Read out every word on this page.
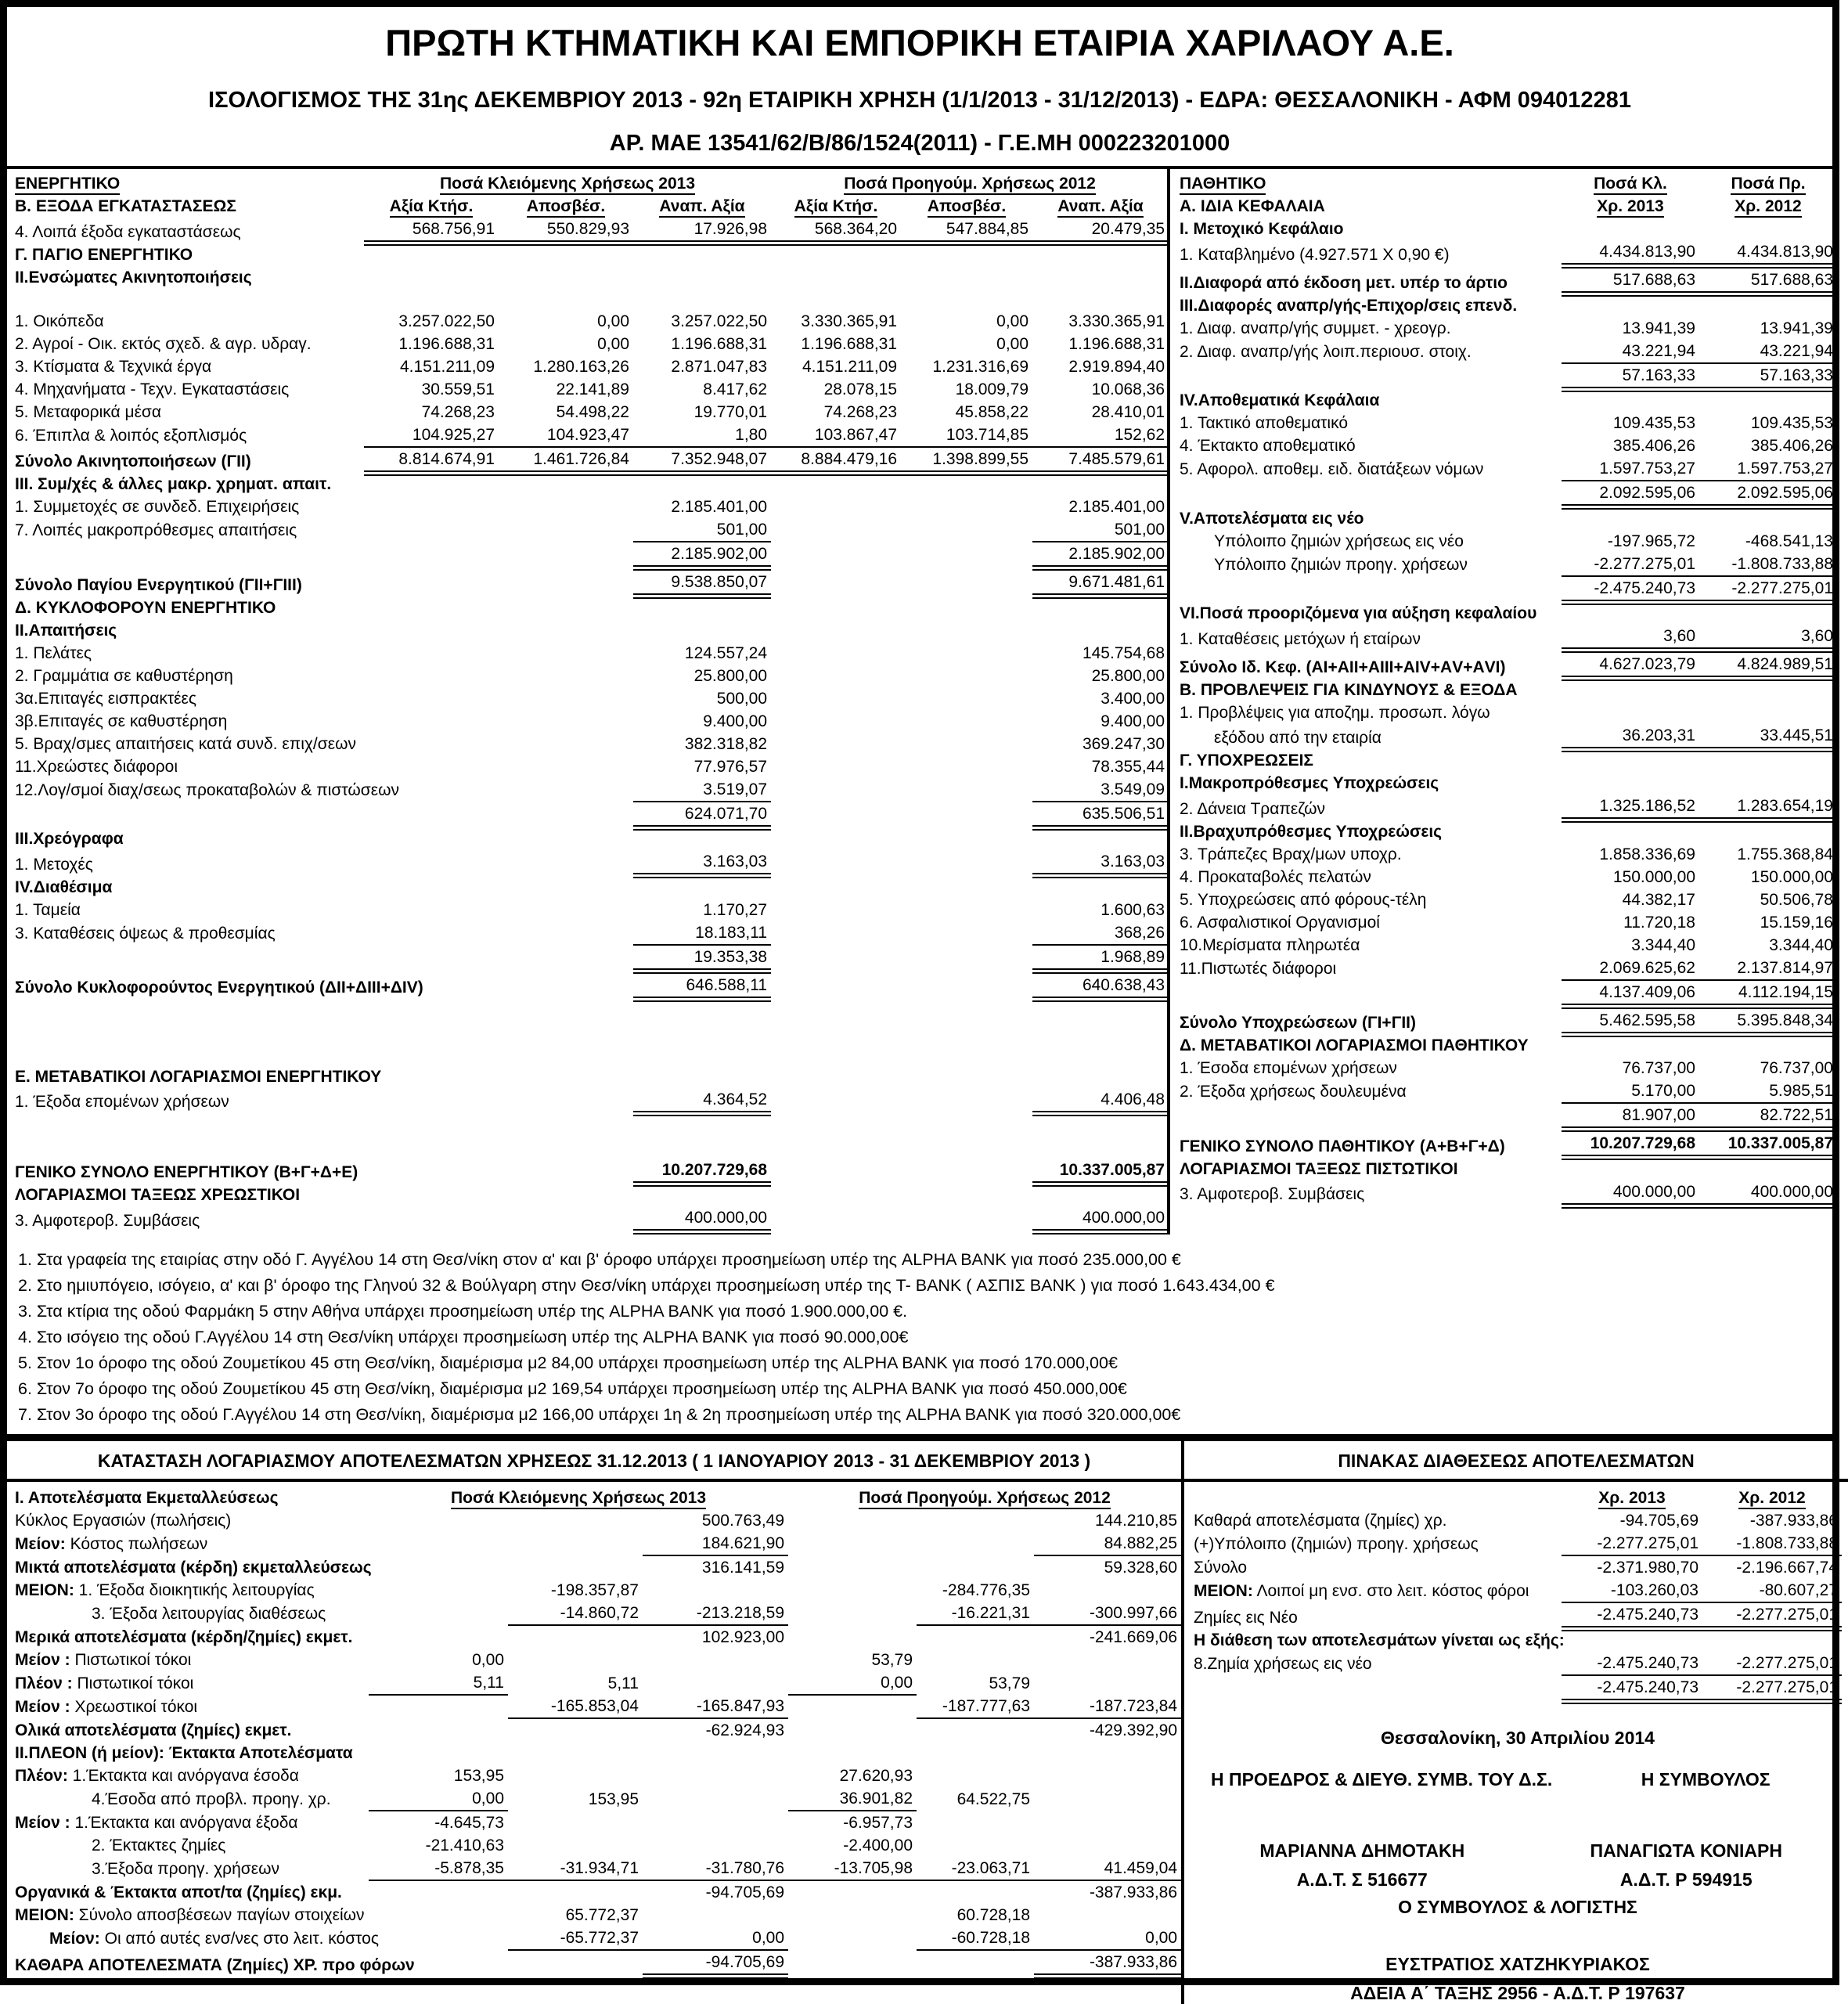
ΠΡΩΤΗ ΚΤΗΜΑΤΙΚΗ ΚΑΙ ΕΜΠΟΡΙΚΗ ΕΤΑΙΡΙΑ ΧΑΡΙΛΑΟΥ Α.Ε.
ΙΣΟΛΟΓΙΣΜΟΣ ΤΗΣ 31ης ΔΕΚΕΜΒΡΙΟΥ 2013 - 92η ΕΤΑΙΡΙΚΗ ΧΡΗΣΗ (1/1/2013 - 31/12/2013) - ΕΔΡΑ: ΘΕΣΣΑΛΟΝΙΚΗ - ΑΦΜ 094012281
ΑΡ. ΜΑΕ 13541/62/Β/86/1524(2011) - Γ.Ε.ΜΗ 000223201000
ΕΝΕΡΓΗΤΙΚΟ	Ποσά Κλειόμενης Χρήσεως 2013			Ποσά Προηγούμ. Χρήσεως 2012		
Β. ΕΞΟΔΑ ΕΓΚΑΤΑΣΤΑΣΕΩΣ	Αξία Κτήσ.	Αποσβέσ.	Αναπ. Αξία	Αξία Κτήσ.	Αποσβέσ.	Αναπ. Αξία
4. Λοιπά έξοδα εγκαταστάσεως	568.756,91	550.829,93	17.926,98	568.364,20	547.884,85	20.479,35
Γ. ΠΑΓΙΟ ΕΝΕΡΓΗΤΙΚΟ						
ΙΙ.Ενσώματες Ακινητοποιήσεις						

1. Οικόπεδα	3.257.022,50	0,00	3.257.022,50	3.330.365,91	0,00	3.330.365,91
2. Αγροί - Οικ. εκτός σχεδ. & αγρ. υδραγ.	1.196.688,31	0,00	1.196.688,31	1.196.688,31	0,00	1.196.688,31
3. Κτίσματα & Τεχνικά έργα	4.151.211,09	1.280.163,26	2.871.047,83	4.151.211,09	1.231.316,69	2.919.894,40
4. Μηχανήματα - Τεχν. Εγκαταστάσεις	30.559,51	22.141,89	8.417,62	28.078,15	18.009,79	10.068,36
5. Μεταφορικά μέσα	74.268,23	54.498,22	19.770,01	74.268,23	45.858,22	28.410,01
6. Έπιπλα & λοιπός εξοπλισμός	104.925,27	104.923,47	1,80	103.867,47	103.714,85	152,62
Σύνολο Ακινητοποιήσεων (ΓΙΙ)	8.814.674,91	1.461.726,84	7.352.948,07	8.884.479,16	1.398.899,55	7.485.579,61
ΙΙΙ. Συμ/χές & άλλες μακρ. χρηματ. απαιτ.						
1. Συμμετοχές σε συνδεδ. Επιχειρήσεις			2.185.401,00			2.185.401,00
7. Λοιπές μακροπρόθεσμες απαιτήσεις			501,00			501,00
			2.185.902,00			2.185.902,00
Σύνολο Παγίου Ενεργητικού (ΓΙΙ+ΓΙΙΙ)			9.538.850,07			9.671.481,61
Δ. ΚΥΚΛΟΦΟΡΟΥΝ ΕΝΕΡΓΗΤΙΚΟ						
ΙΙ.Απαιτήσεις						
1. Πελάτες			124.557,24			145.754,68
2. Γραμμάτια σε καθυστέρηση			25.800,00			25.800,00
3α.Επιταγές εισπρακτέες			500,00			3.400,00
3β.Επιταγές σε καθυστέρηση			9.400,00			9.400,00
5. Βραχ/σμες απαιτήσεις κατά συνδ. επιχ/σεων			382.318,82			369.247,30
11.Χρεώστες διάφοροι			77.976,57			78.355,44
12.Λογ/σμοί διαχ/σεως προκαταβολών & πιστώσεων			3.519,07			3.549,09
			624.071,70			635.506,51
ΙΙΙ.Χρεόγραφα						
1. Μετοχές			3.163,03			3.163,03
ΙV.Διαθέσιμα						
1. Ταμεία			1.170,27			1.600,63
3. Καταθέσεις όψεως & προθεσμίας			18.183,11			368,26
			19.353,38			1.968,89
Σύνολο Κυκλοφορούντος Ενεργητικού (ΔΙΙ+ΔΙΙΙ+ΔΙV)			646.588,11			640.638,43

Ε. ΜΕΤΑΒΑΤΙΚΟΙ ΛΟΓΑΡΙΑΣΜΟΙ ΕΝΕΡΓΗΤΙΚΟΥ						
1. Έξοδα επομένων χρήσεων			4.364,52			4.406,48

ΓΕΝΙΚΟ ΣΥΝΟΛΟ ΕΝΕΡΓΗΤΙΚΟΥ (Β+Γ+Δ+Ε)			10.207.729,68			10.337.005,87
ΛΟΓΑΡΙΑΣΜΟΙ ΤΑΞΕΩΣ ΧΡΕΩΣΤΙΚΟΙ						
3. Αμφοτεροβ. Συμβάσεις			400.000,00			400.000,00
ΠΑΘΗΤΙΚΟ	Ποσά Κλ.	Ποσά Πρ.
Α. ΙΔΙΑ ΚΕΦΑΛΑΙΑ	Χρ. 2013	Χρ. 2012
Ι. Μετοχικό Κεφάλαιο		
1. Καταβλημένο (4.927.571 Χ 0,90 €)	4.434.813,90	4.434.813,90
ΙΙ.Διαφορά από έκδοση μετ. υπέρ το άρτιο	517.688,63	517.688,63
ΙΙΙ.Διαφορές αναπρ/γής-Επιχορ/σεις επενδ.		
1. Διαφ. αναπρ/γής συμμετ. - χρεογρ.	13.941,39	13.941,39
2. Διαφ. αναπρ/γής λοιπ.περιουσ. στοιχ.	43.221,94	43.221,94
	57.163,33	57.163,33
ΙV.Αποθεματικά Κεφάλαια		
1. Τακτικό αποθεματικό	109.435,53	109.435,53
4. Έκτακτο αποθεματικό	385.406,26	385.406,26
5. Αφορολ. αποθεμ. ειδ. διατάξεων νόμων	1.597.753,27	1.597.753,27
	2.092.595,06	2.092.595,06
V.Αποτελέσματα εις νέο		
Υπόλοιπο ζημιών χρήσεως εις νέο	-197.965,72	-468.541,13
Υπόλοιπο ζημιών προηγ. χρήσεων	-2.277.275,01	-1.808.733,88
	-2.475.240,73	-2.277.275,01
VΙ.Ποσά προοριζόμενα για αύξηση κεφαλαίου		
1. Καταθέσεις μετόχων ή εταίρων	3,60	3,60
Σύνολο Ιδ. Κεφ. (ΑΙ+ΑΙΙ+ΑΙΙΙ+ΑΙV+ΑV+ΑVΙ)	4.627.023,79	4.824.989,51
Β. ΠΡΟΒΛΕΨΕΙΣ ΓΙΑ ΚΙΝΔΥΝΟΥΣ & ΕΞΟΔΑ		
1. Προβλέψεις για αποζημ. προσωπ. λόγω		
εξόδου από την εταιρία	36.203,31	33.445,51
Γ. ΥΠΟΧΡΕΩΣΕΙΣ		
Ι.Μακροπρόθεσμες Υποχρεώσεις		
2. Δάνεια Τραπεζών	1.325.186,52	1.283.654,19
ΙΙ.Βραχυπρόθεσμες Υποχρεώσεις		
3. Τράπεζες Βραχ/μων υποχρ.	1.858.336,69	1.755.368,84
4. Προκαταβολές πελατών	150.000,00	150.000,00
5. Υποχρεώσεις από φόρους-τέλη	44.382,17	50.506,78
6. Ασφαλιστικοί Οργανισμοί	11.720,18	15.159,16
10.Μερίσματα πληρωτέα	3.344,40	3.344,40
11.Πιστωτές διάφοροι	2.069.625,62	2.137.814,97
	4.137.409,06	4.112.194,15
Σύνολο Υποχρεώσεων (ΓΙ+ΓΙΙ)	5.462.595,58	5.395.848,34
Δ. ΜΕΤΑΒΑΤΙΚΟΙ ΛΟΓΑΡΙΑΣΜΟΙ ΠΑΘΗΤΙΚΟΥ		
1. Έσοδα επομένων χρήσεων	76.737,00	76.737,00
2. Έξοδα χρήσεως δουλευμένα	5.170,00	5.985,51
	81.907,00	82.722,51
ΓΕΝΙΚΟ ΣΥΝΟΛΟ ΠΑΘΗΤΙΚΟΥ (Α+Β+Γ+Δ)	10.207.729,68	10.337.005,87
ΛΟΓΑΡΙΑΣΜΟΙ ΤΑΞΕΩΣ ΠΙΣΤΩΤΙΚΟΙ		
3. Αμφοτεροβ. Συμβάσεις	400.000,00	400.000,00
1. Στα γραφεία της εταιρίας στην οδό Γ. Αγγέλου 14 στη Θεσ/νίκη στον α' και β' όροφο υπάρχει προσημείωση υπέρ της ALPHA BANK για ποσό 235.000,00 €
2. Στο ημιυπόγειο, ισόγειο, α' και β' όροφο της Γληνού 32 & Βούλγαρη στην Θεσ/νίκη υπάρχει προσημείωση υπέρ της T- BANK ( ΑΣΠΙΣ BANK ) για ποσό 1.643.434,00 €
3. Στα κτίρια της οδού Φαρμάκη 5 στην Αθήνα υπάρχει προσημείωση υπέρ της ALPHA BANK για ποσό 1.900.000,00 €.
4. Στο ισόγειο της οδού Γ.Αγγέλου 14 στη Θεσ/νίκη υπάρχει προσημείωση υπέρ της ALPHA BANK για ποσό 90.000,00€
5. Στον 1ο όροφο της οδού Ζουμετίκου 45 στη Θεσ/νίκη, διαμέρισμα μ2 84,00 υπάρχει προσημείωση υπέρ της ALPHA BANK για ποσό 170.000,00€
6. Στον 7ο όροφο της οδού Ζουμετίκου 45 στη Θεσ/νίκη, διαμέρισμα μ2 169,54 υπάρχει προσημείωση υπέρ της ALPHA BANK για ποσό 450.000,00€
7. Στον 3ο όροφο της οδού Γ.Αγγέλου 14 στη Θεσ/νίκη, διαμέρισμα μ2 166,00 υπάρχει 1η & 2η προσημείωση υπέρ της ALPHA BANK για ποσό 320.000,00€
ΚΑΤΑΣΤΑΣΗ ΛΟΓΑΡΙΑΣΜΟΥ ΑΠΟΤΕΛΕΣΜΑΤΩΝ ΧΡΗΣΕΩΣ 31.12.2013 ( 1 ΙΑΝΟΥΑΡΙΟΥ 2013 - 31 ΔΕΚΕΜΒΡΙΟΥ 2013 )
Ι. Αποτελέσματα Εκμεταλλεύσεως	Ποσά Κλειόμενης Χρήσεως 2013			Ποσά Προηγούμ. Χρήσεως 2012		
Κύκλος Εργασιών (πωλήσεις)			500.763,49			144.210,85
Μείον: Κόστος πωλήσεων			184.621,90			84.882,25
Μικτά αποτελέσματα (κέρδη) εκμεταλλεύσεως			316.141,59			59.328,60
ΜΕΙΟΝ: 1. Έξοδα διοικητικής λειτουργίας		-198.357,87			-284.776,35	
3. Έξοδα λειτουργίας διαθέσεως		-14.860,72	-213.218,59		-16.221,31	-300.997,66
Μερικά αποτελέσματα (κέρδη/ζημίες) εκμετ.			102.923,00			-241.669,06
Μείον : Πιστωτικοί τόκοι	0,00			53,79		
Πλέον : Πιστωτικοί τόκοι	5,11	5,11		0,00	53,79	
Μείον : Χρεωστικοί τόκοι		-165.853,04	-165.847,93		-187.777,63	-187.723,84
Ολικά αποτελέσματα (ζημίες) εκμετ.			-62.924,93			-429.392,90
ΙΙ.ΠΛΕΟΝ (ή μείον): Έκτακτα Αποτελέσματα						
Πλέον: 1.Έκτακτα και ανόργανα έσοδα	153,95			27.620,93		
4.Έσοδα από προβλ. προηγ. χρ.	0,00	153,95		36.901,82	64.522,75	
Μείον : 1.Έκτακτα και ανόργανα έξοδα	-4.645,73			-6.957,73		
2. Έκτακτες ζημίες	-21.410,63			-2.400,00		
3.Έξοδα προηγ. χρήσεων	-5.878,35	-31.934,71	-31.780,76	-13.705,98	-23.063,71	41.459,04
Οργανικά & Έκτακτα αποτ/τα (ζημίες) εκμ.			-94.705,69			-387.933,86
ΜΕΙΟΝ: Σύνολο αποσβέσεων παγίων στοιχείων		65.772,37			60.728,18	
Μείον: Οι από αυτές ενσ/νες στο λειτ. κόστος		-65.772,37	0,00		-60.728,18	0,00
ΚΑΘΑΡΑ ΑΠΟΤΕΛΕΣΜΑΤΑ (Ζημίες) ΧΡ. προ φόρων			-94.705,69			-387.933,86
ΠΙΝΑΚΑΣ ΔΙΑΘΕΣΕΩΣ ΑΠΟΤΕΛΕΣΜΑΤΩΝ
	Χρ. 2013	Χρ. 2012
Καθαρά αποτελέσματα (ζημίες) χρ.	-94.705,69	-387.933,86
(+)Υπόλοιπο (ζημιών) προηγ. χρήσεως	-2.277.275,01	-1.808.733,88
Σύνολο	-2.371.980,70	-2.196.667,74
ΜΕΙΟΝ: Λοιποί μη ενσ. στο λειτ. κόστος φόροι	-103.260,03	-80.607,27
Ζημίες εις Νέο	-2.475.240,73	-2.277.275,01
Η διάθεση των αποτελεσμάτων γίνεται ως εξής:		
8.Ζημία χρήσεως εις νέο	-2.475.240,73	-2.277.275,01
	-2.475.240,73	-2.277.275,01
Θεσσαλονίκη, 30 Απριλίου 2014
Η ΠΡΟΕΔΡΟΣ & ΔΙΕΥΘ. ΣΥΜΒ. ΤΟΥ Δ.Σ.	Η ΣΥΜΒΟΥΛΟΣ
ΜΑΡΙΑΝΝΑ ΔΗΜΟΤΑΚΗ	ΠΑΝΑΓΙΩΤΑ ΚΟΝΙΑΡΗ
Α.Δ.Τ. Σ 516677	Α.Δ.Τ. Ρ 594915
Ο ΣΥΜΒΟΥΛΟΣ & ΛΟΓΙΣΤΗΣ
ΕΥΣΤΡΑΤΙΟΣ ΧΑΤΖΗΚΥΡΙΑΚΟΣ
ΑΔΕΙΑ Α΄ ΤΑΞΗΣ 2956 - Α.Δ.Τ. Ρ 197637
